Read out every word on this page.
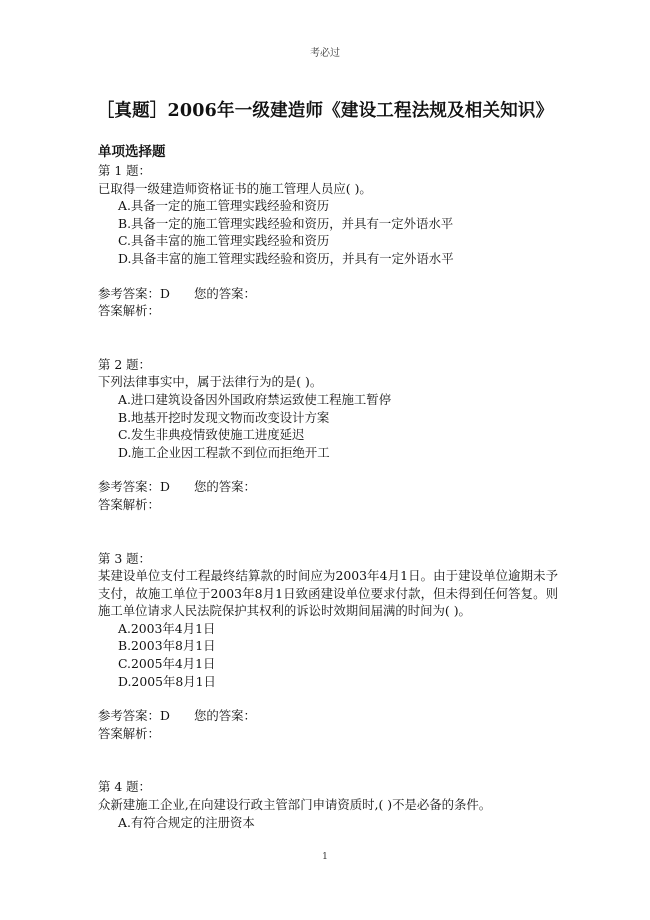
考必过
［真题］2006年一级建造师《建设工程法规及相关知识》
单项选择题
第 1 题：
已取得一级建造师资格证书的施工管理人员应( )。
A.具备一定的施工管理实践经验和资历
B.具备一定的施工管理实践经验和资历，并具有一定外语水平
C.具备丰富的施工管理实践经验和资历
D.具备丰富的施工管理实践经验和资历，并具有一定外语水平
参考答案：D 您的答案：
答案解析：
第 2 题：
下列法律事实中，属于法律行为的是( )。
A.进口建筑设备因外国政府禁运致使工程施工暂停
B.地基开挖时发现文物而改变设计方案
C.发生非典疫情致使施工进度延迟
D.施工企业因工程款不到位而拒绝开工
参考答案：D 您的答案：
答案解析：
第 3 题：
某建设单位支付工程最终结算款的时间应为2003年4月1日。由于建设单位逾期未予支付，故施工单位于2003年8月1日致函建设单位要求付款，但未得到任何答复。则施工单位请求人民法院保护其权利的诉讼时效期间届满的时间为( )。
A.2003年4月1日
B.2003年8月1日
C.2005年4月1日
D.2005年8月1日
参考答案：D 您的答案：
答案解析：
第 4 题：
众新建施工企业,在向建设行政主管部门申请资质时,( )不是必备的条件。
A.有符合规定的注册资本
1
